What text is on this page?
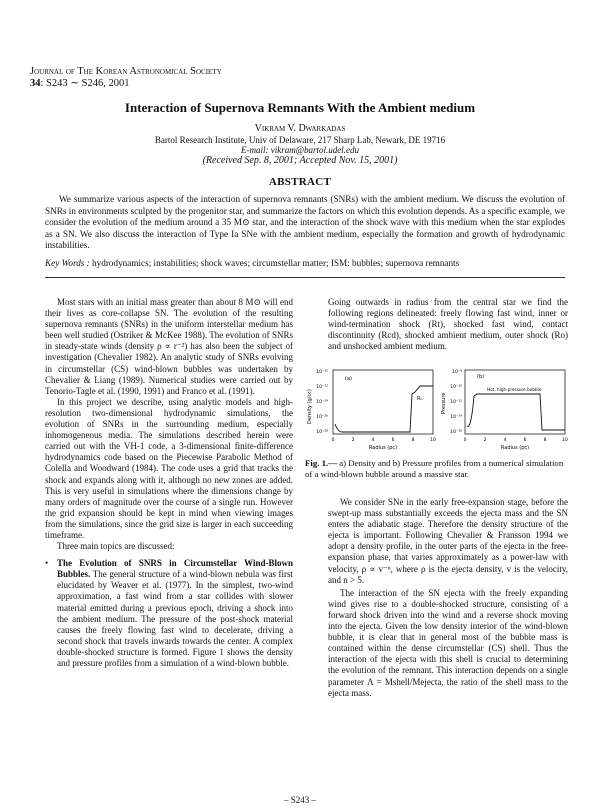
Journal of The Korean Astronomical Society
34: S243 ∼ S246, 2001
Interaction of Supernova Remnants With the Ambient medium
Vikram V. Dwarkadas
Bartol Research Institute, Univ of Delaware, 217 Sharp Lab, Newark, DE 19716
E-mail: vikram@bartol.udel.edu
(Received Sep. 8, 2001; Accepted Nov. 15, 2001)
ABSTRACT
We summarize various aspects of the interaction of supernova remnants (SNRs) with the ambient medium. We discuss the evolution of SNRs in environments sculpted by the progenitor star, and summarize the factors on which this evolution depends. As a specific example, we consider the evolution of the medium around a 35 M⊙ star, and the interaction of the shock wave with this medium when the star explodes as a SN. We also discuss the interaction of Type Ia SNe with the ambient medium, especially the formation and growth of hydrodynamic instabilities.
Key Words : hydrodynamics; instabilities; shock waves; circumstellar matter; ISM: bubbles; supernova remnants

Most stars with an initial mass greater than about 8 M⊙ will end their lives as core-collapse SN. The evolution of the resulting supernova remnants (SNRs) in the uniform interstellar medium has been well studied (Ostriker & McKee 1988). The evolution of SNRs in steady-state winds (density ρ ∝ r⁻²) has also been the subject of investigation (Chevalier 1982). An analytic study of SNRs evolving in circumstellar (CS) wind-blown bubbles was undertaken by Chevalier & Liang (1989). Numerical studies were carried out by Tenorio-Tagle et al. (1990, 1991) and Franco et al. (1991).

In this project we describe, using analytic models and high-resolution two-dimensional hydrodynamic simulations, the evolution of SNRs in the surrounding medium, especially inhomogeneous media. The simulations described herein were carried out with the VH-1 code, a 3-dimensional finite-difference hydrodynamics code based on the Piecewise Parabolic Method of Colella and Woodward (1984). The code uses a grid that tracks the shock and expands along with it, although no new zones are added. This is very useful in simulations where the dimensions change by many orders of magnitude over the course of a single run. However the grid expansion should be kept in mind when viewing images from the simulations, since the grid size is larger in each succeeding timeframe.

Three main topics are discussed:

• The Evolution of SNRS in Circumstellar Wind-Blown Bubbles. The general structure of a wind-blown nebula was first elucidated by Weaver et al. (1977). In the simplest, two-wind approximation, a fast wind from a star collides with slower material emitted during a previous epoch, driving a shock into the ambient medium. The pressure of the post-shock material causes the freely flowing fast wind to decelerate, driving a second shock that travels inwards towards the center. A complex double-shocked structure is formed. Figure 1 shows the density and pressure profiles from a simulation of a wind-blown bubble.

Going outwards in radius from the central star we find the following regions delineated: freely flowing fast wind, inner or wind-termination shock (Rt), shocked fast wind, contact discontinuity (Rcd), shocked ambient medium, outer shock (Ro) and unshocked ambient medium.

Density (g/cc)
10⁻²⁰
10⁻²²
10⁻²⁴
10⁻²⁶
10⁻²⁸
0	2	4	6	8	10
Radius (pc)
(a)
Rₒ	Pressure
10⁻⁸
10⁻¹⁰
10⁻¹²
10⁻¹⁴
10⁻¹⁶
0	2	4	6	8	10
Radius (pc)
(b)
Hot, high-pressure bubble
Fig. 1.— a) Density and b) Pressure profiles from a numerical simulation of a wind-blown bubble around a massive star.

We consider SNe in the early free-expansion stage, before the swept-up mass substantially exceeds the ejecta mass and the SN enters the adiabatic stage. Therefore the density structure of the ejecta is important. Following Chevalier & Fransson 1994 we adopt a density profile, in the outer parts of the ejecta in the free-expansion phase, that varies approximately as a power-law with velocity, ρ ∝ v⁻ⁿ, where ρ is the ejecta density, v is the velocity, and n > 5.

The interaction of the SN ejecta with the freely expanding wind gives rise to a double-shocked structure, consisting of a forward shock driven into the wind and a reverse shock moving into the ejecta. Given the low density interior of the wind-blown bubble, it is clear that in general most of the bubble mass is contained within the dense circumstellar (CS) shell. Thus the interaction of the ejecta with this shell is crucial to determining the evolution of the remnant. This interaction depends on a single parameter Λ = Mshell/Mejecta, the ratio of the shell mass to the ejecta mass.

– S243 –
